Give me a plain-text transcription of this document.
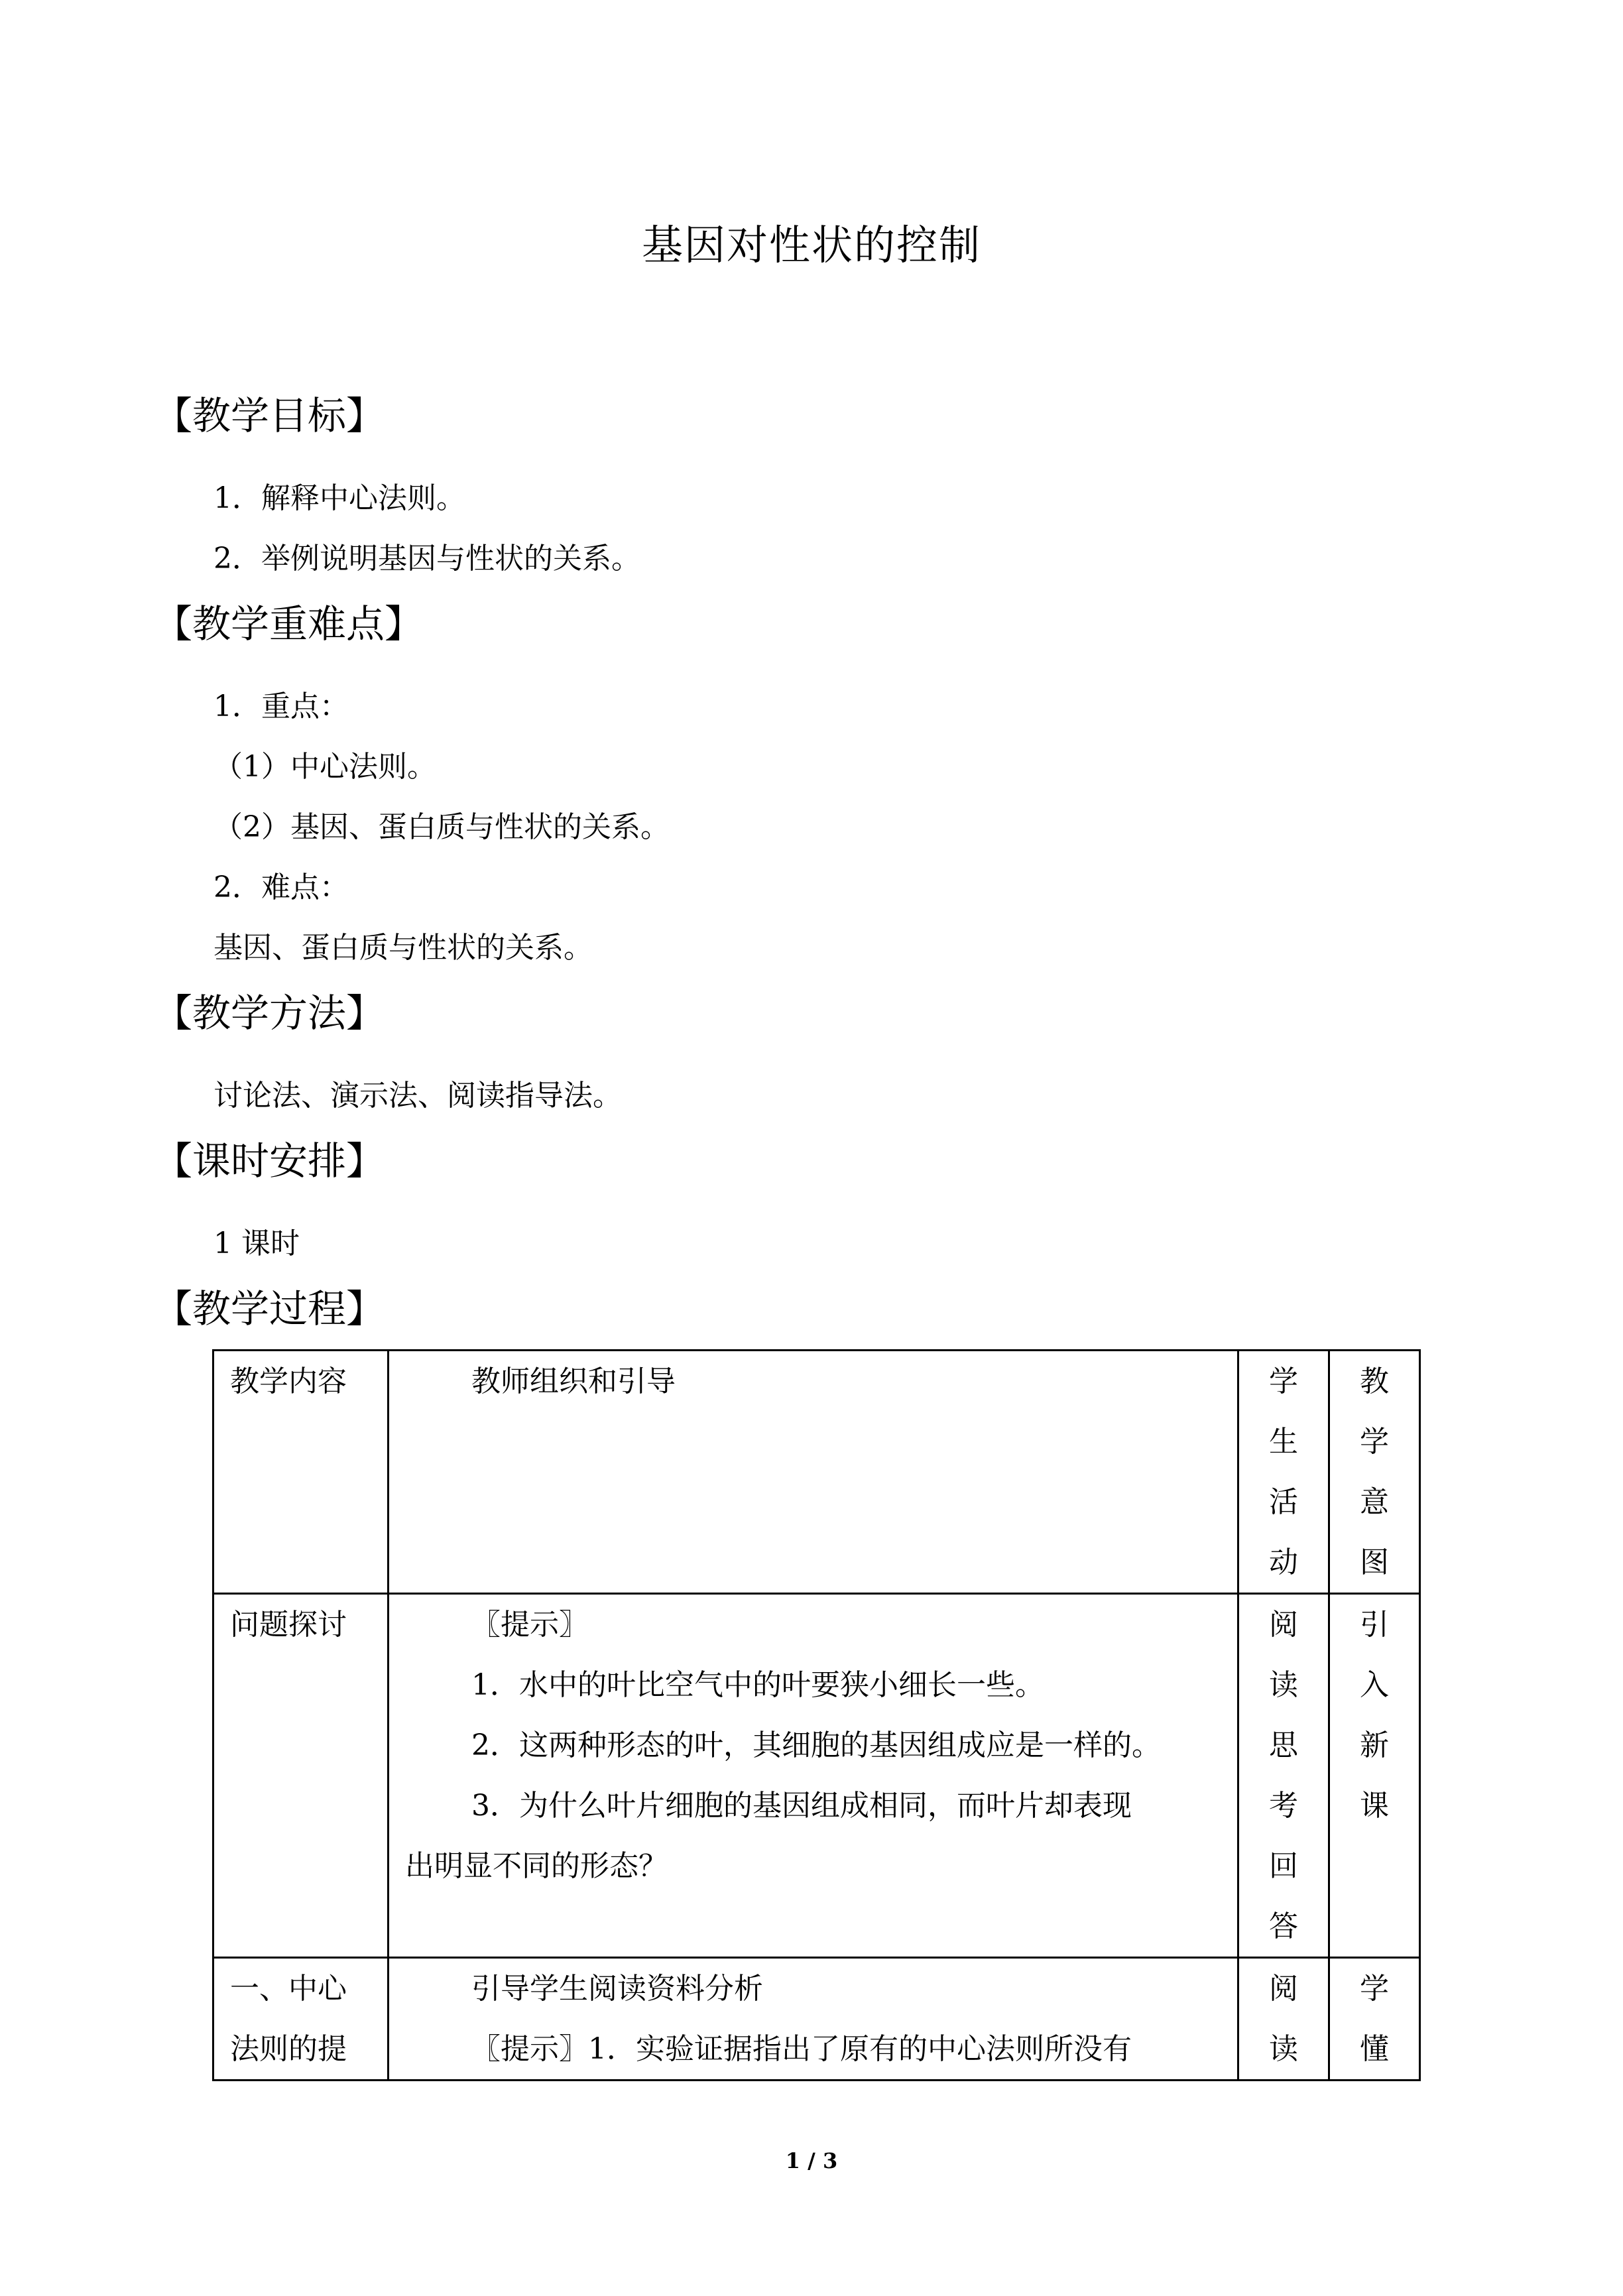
基因对性状的控制
【教学目标】
1．解释中心法则。
2．举例说明基因与性状的关系。
【教学重难点】
1．重点：
（1）中心法则。
（2）基因、蛋白质与性状的关系。
2．难点：
基因、蛋白质与性状的关系。
【教学方法】
讨论法、演示法、阅读指导法。
【课时安排】
1 课时
【教学过程】
教学内容	教师组织和引导	学生活动	教学意图

问题探讨	〖提示〗
1．水中的叶比空气中的叶要狭小细长一些。
2．这两种形态的叶，其细胞的基因组成应是一样的。
3．为什么叶片细胞的基因组成相同，而叶片却表现
出明显不同的形态？	阅读思考回答	引入新课

一、中心法则的提	引导学生阅读资料分析
〖提示〗1．实验证据指出了原有的中心法则所没有	阅读	学懂
1 / 3
